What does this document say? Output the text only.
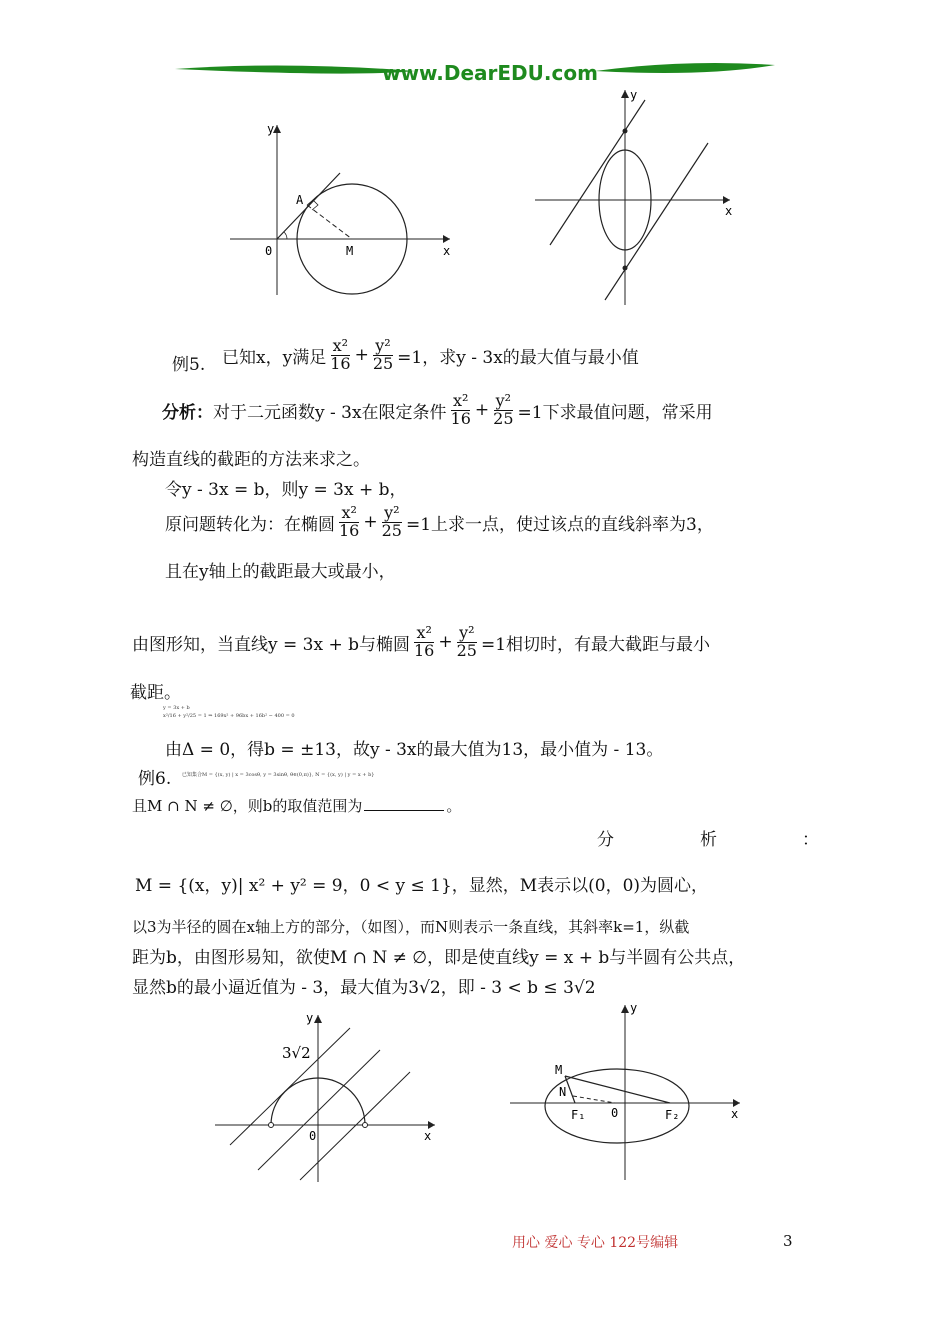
www.DearEDU.com
y
x
0
A
M
y
x
例5. 已知x，y满足 $\frac{\text{x²}}{16} + \frac{\text{y²}}{25} =1$，求y - 3x的最大值与最小值
分析： 对于二元函数y - 3x在限定条件 $\frac{\text{x²}}{16} + \frac{\text{y²}}{25} =1$下求最值问题，常采用
构造直线的截距的方法来求之。
令y - 3x = b，则y = 3x + b，
原问题转化为：在椭圆 $\frac{\text{x²}}{16} + \frac{\text{y²}}{25} =1$上求一点，使过该点的直线斜率为3，
且在y轴上的截距最大或最小，
由图形知，当直线y = 3x + b与椭圆 $\frac{\text{x²}}{16} + \frac{\text{y²}}{25} =1$相切时，有最大截距与最小
截距。
y = 3x + b
x²/16 + y²/25 = 1 ⇒ 169x² + 96bx + 16b² − 400 = 0
由Δ = 0，得b = ±13，故y - 3x的最大值为13，最小值为 - 13。
例6. 已知集合M = {(x, y) | x = 3cosθ, y = 3sinθ, θ∈(0,π)}, N = {(x, y) | y = x + b}
且M ∩ N ≠ ∅，则b的取值范围为	。
分	析	：
M = {(x，y)| x² + y² = 9，0 < y ≤ 1}，显然，M表示以(0，0)为圆心，
以3为半径的圆在x轴上方的部分，（如图），而N则表示一条直线，其斜率k=1，纵截
距为b，由图形易知，欲使M ∩ N ≠ ∅，即是使直线y = x + b与半圆有公共点，
显然b的最小逼近值为 - 3，最大值为3√2，即 - 3 < b ≤ 3√2
y
x
0
3√2
y
x
0
M
N
F₁	F₂
用心 爱心 专心 122号编辑	3
